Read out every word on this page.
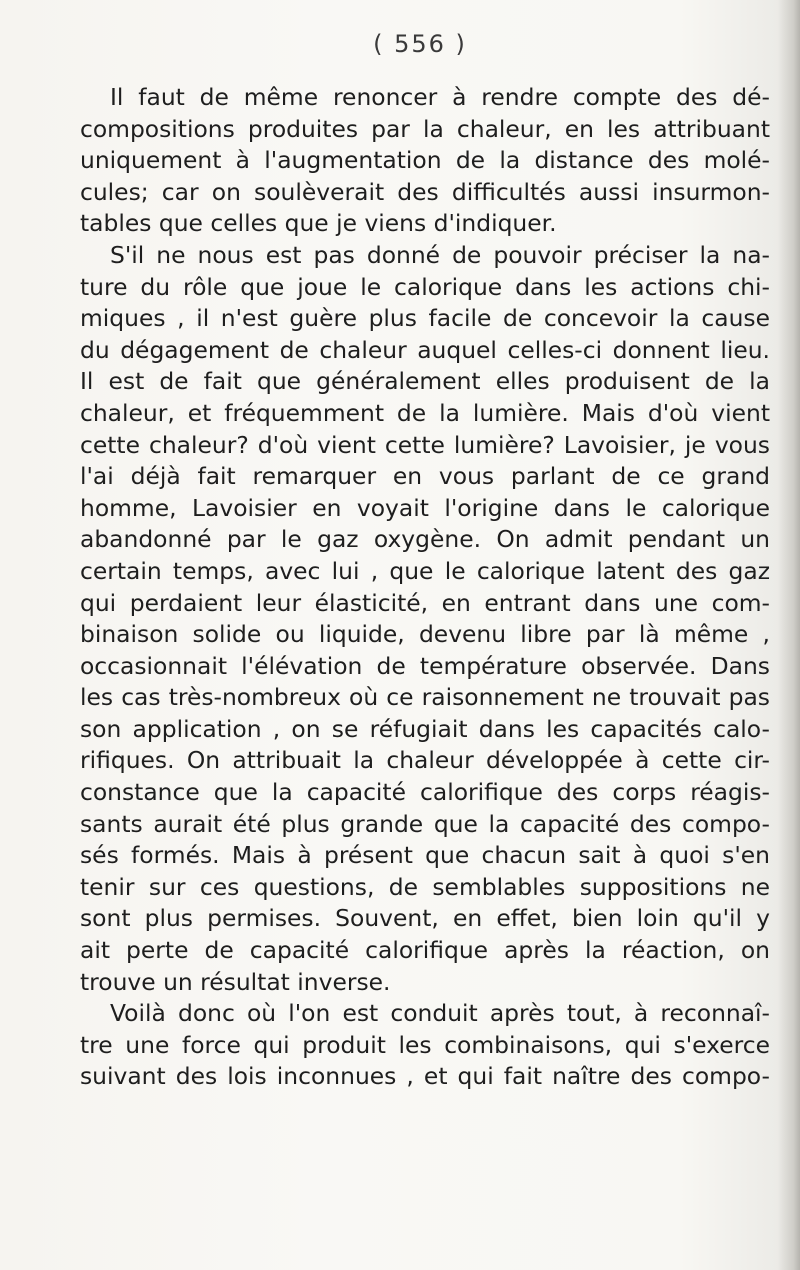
( 556 )
Il faut de même renoncer à rendre compte des dé-
compositions produites par la chaleur, en les attribuant
uniquement à l'augmentation de la distance des molé-
cules; car on soulèverait des difficultés aussi insurmon-
tables que celles que je viens d'indiquer.
S'il ne nous est pas donné de pouvoir préciser la na-
ture du rôle que joue le calorique dans les actions chi-
miques , il n'est guère plus facile de concevoir la cause
du dégagement de chaleur auquel celles-ci donnent lieu.
Il est de fait que généralement elles produisent de la
chaleur, et fréquemment de la lumière. Mais d'où vient
cette chaleur? d'où vient cette lumière? Lavoisier, je vous
l'ai déjà fait remarquer en vous parlant de ce grand
homme, Lavoisier en voyait l'origine dans le calorique
abandonné par le gaz oxygène. On admit pendant un
certain temps, avec lui , que le calorique latent des gaz
qui perdaient leur élasticité, en entrant dans une com-
binaison solide ou liquide, devenu libre par là même ,
occasionnait l'élévation de température observée. Dans
les cas très-nombreux où ce raisonnement ne trouvait pas
son application , on se réfugiait dans les capacités calo-
rifiques. On attribuait la chaleur développée à cette cir-
constance que la capacité calorifique des corps réagis-
sants aurait été plus grande que la capacité des compo-
sés formés. Mais à présent que chacun sait à quoi s'en
tenir sur ces questions, de semblables suppositions ne
sont plus permises. Souvent, en effet, bien loin qu'il y
ait perte de capacité calorifique après la réaction, on
trouve un résultat inverse.
Voilà donc où l'on est conduit après tout, à reconnaî-
tre une force qui produit les combinaisons, qui s'exerce
suivant des lois inconnues , et qui fait naître des compo-
